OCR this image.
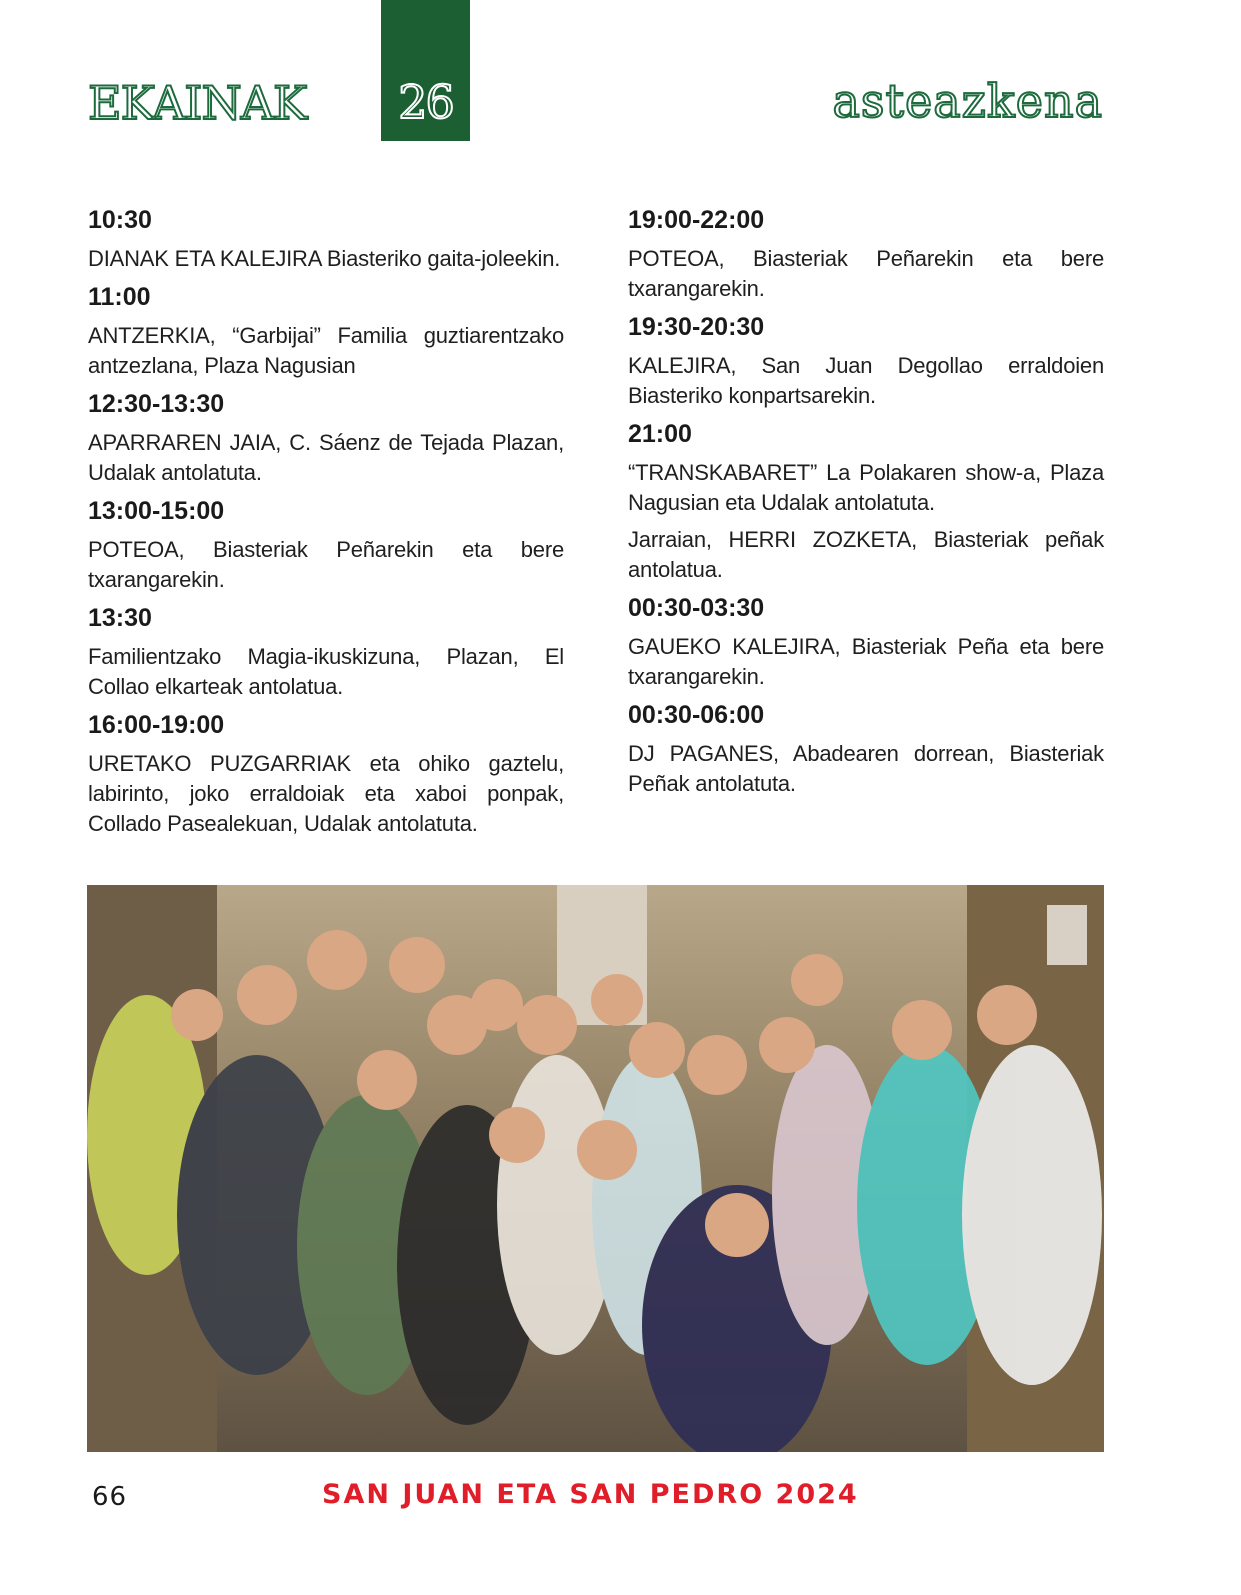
EKAINAK	26	asteazkena
10:30
DIANAK ETA KALEJIRA Biasteriko gaita-joleekin.
11:00
ANTZERKIA, “Garbijai” Familia guztiarentzako antzezlana, Plaza Nagusian
12:30-13:30
APARRAREN JAIA, C. Sáenz de Tejada Plazan, Udalak antolatuta.
13:00-15:00
POTEOA, Biasteriak Peñarekin eta bere txarangarekin.
13:30
Familientzako Magia-ikuskizuna, Plazan, El Collao elkarteak antolatua.
16:00-19:00
URETAKO PUZGARRIAK eta ohiko gaztelu, labirinto, joko erraldoiak eta xaboi ponpak, Collado Pasealekuan, Udalak antolatuta.
19:00-22:00
POTEOA, Biasteriak Peñarekin eta bere txarangarekin.
19:30-20:30
KALEJIRA, San Juan Degollao erraldoien Biasteriko konpartsarekin.
21:00
“TRANSKABARET” La Polakaren show-a, Plaza Nagusian eta Udalak antolatuta.
Jarraian, HERRI ZOZKETA, Biasteriak peñak antolatua.
00:30-03:30
GAUEKO KALEJIRA, Biasteriak Peña eta bere txarangarekin.
00:30-06:00
DJ PAGANES, Abadearen dorrean, Biasteriak Peñak antolatuta.
66	SAN JUAN ETA SAN PEDRO 2024
